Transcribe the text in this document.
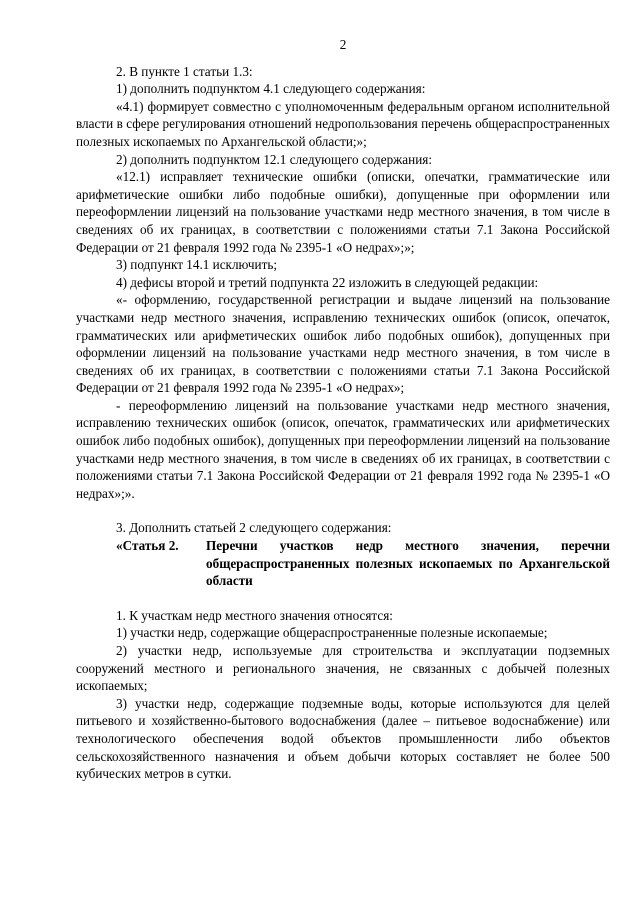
2

2. В пункте 1 статьи 1.3:

1) дополнить подпунктом 4.1 следующего содержания:

«4.1) формирует совместно с уполномоченным федеральным органом исполнительной власти в сфере регулирования отношений недропользования перечень общераспространенных полезных ископаемых по Архангельской области;»;

2) дополнить подпунктом 12.1 следующего содержания:

«12.1) исправляет технические ошибки (описки, опечатки, грамматические или арифметические ошибки либо подобные ошибки), допущенные при оформлении или переоформлении лицензий на пользование участками недр местного значения, в том числе в сведениях об их границах, в соответствии с положениями статьи 7.1 Закона Российской Федерации от 21 февраля 1992 года № 2395-1 «О недрах»;»;

3) подпункт 14.1 исключить;

4) дефисы второй и третий подпункта 22 изложить в следующей редакции:

«- оформлению, государственной регистрации и выдаче лицензий на пользование участками недр местного значения, исправлению технических ошибок (описок, опечаток, грамматических или арифметических ошибок либо подобных ошибок), допущенных при оформлении лицензий на пользование участками недр местного значения, в том числе в сведениях об их границах, в соответствии с положениями статьи 7.1 Закона Российской Федерации от 21 февраля 1992 года № 2395-1 «О недрах»;

- переоформлению лицензий на пользование участками недр местного значения, исправлению технических ошибок (описок, опечаток, грамматических или арифметических ошибок либо подобных ошибок), допущенных при переоформлении лицензий на пользование участками недр местного значения, в том числе в сведениях об их границах, в соответствии с положениями статьи 7.1 Закона Российской Федерации от 21 февраля 1992 года № 2395-1 «О недрах»;».

3. Дополнить статьей 2 следующего содержания:

«Статья 2.	Перечни участков недр местного значения, перечни общераспространенных полезных ископаемых по Архангельской области

1. К участкам недр местного значения относятся:

1) участки недр, содержащие общераспространенные полезные ископаемые;

2) участки недр, используемые для строительства и эксплуатации подземных сооружений местного и регионального значения, не связанных с добычей полезных ископаемых;

3) участки недр, содержащие подземные воды, которые используются для целей питьевого и хозяйственно-бытового водоснабжения (далее – питьевое водоснабжение) или технологического обеспечения водой объектов промышленности либо объектов сельскохозяйственного назначения и объем добычи которых составляет не более 500 кубических метров в сутки.
